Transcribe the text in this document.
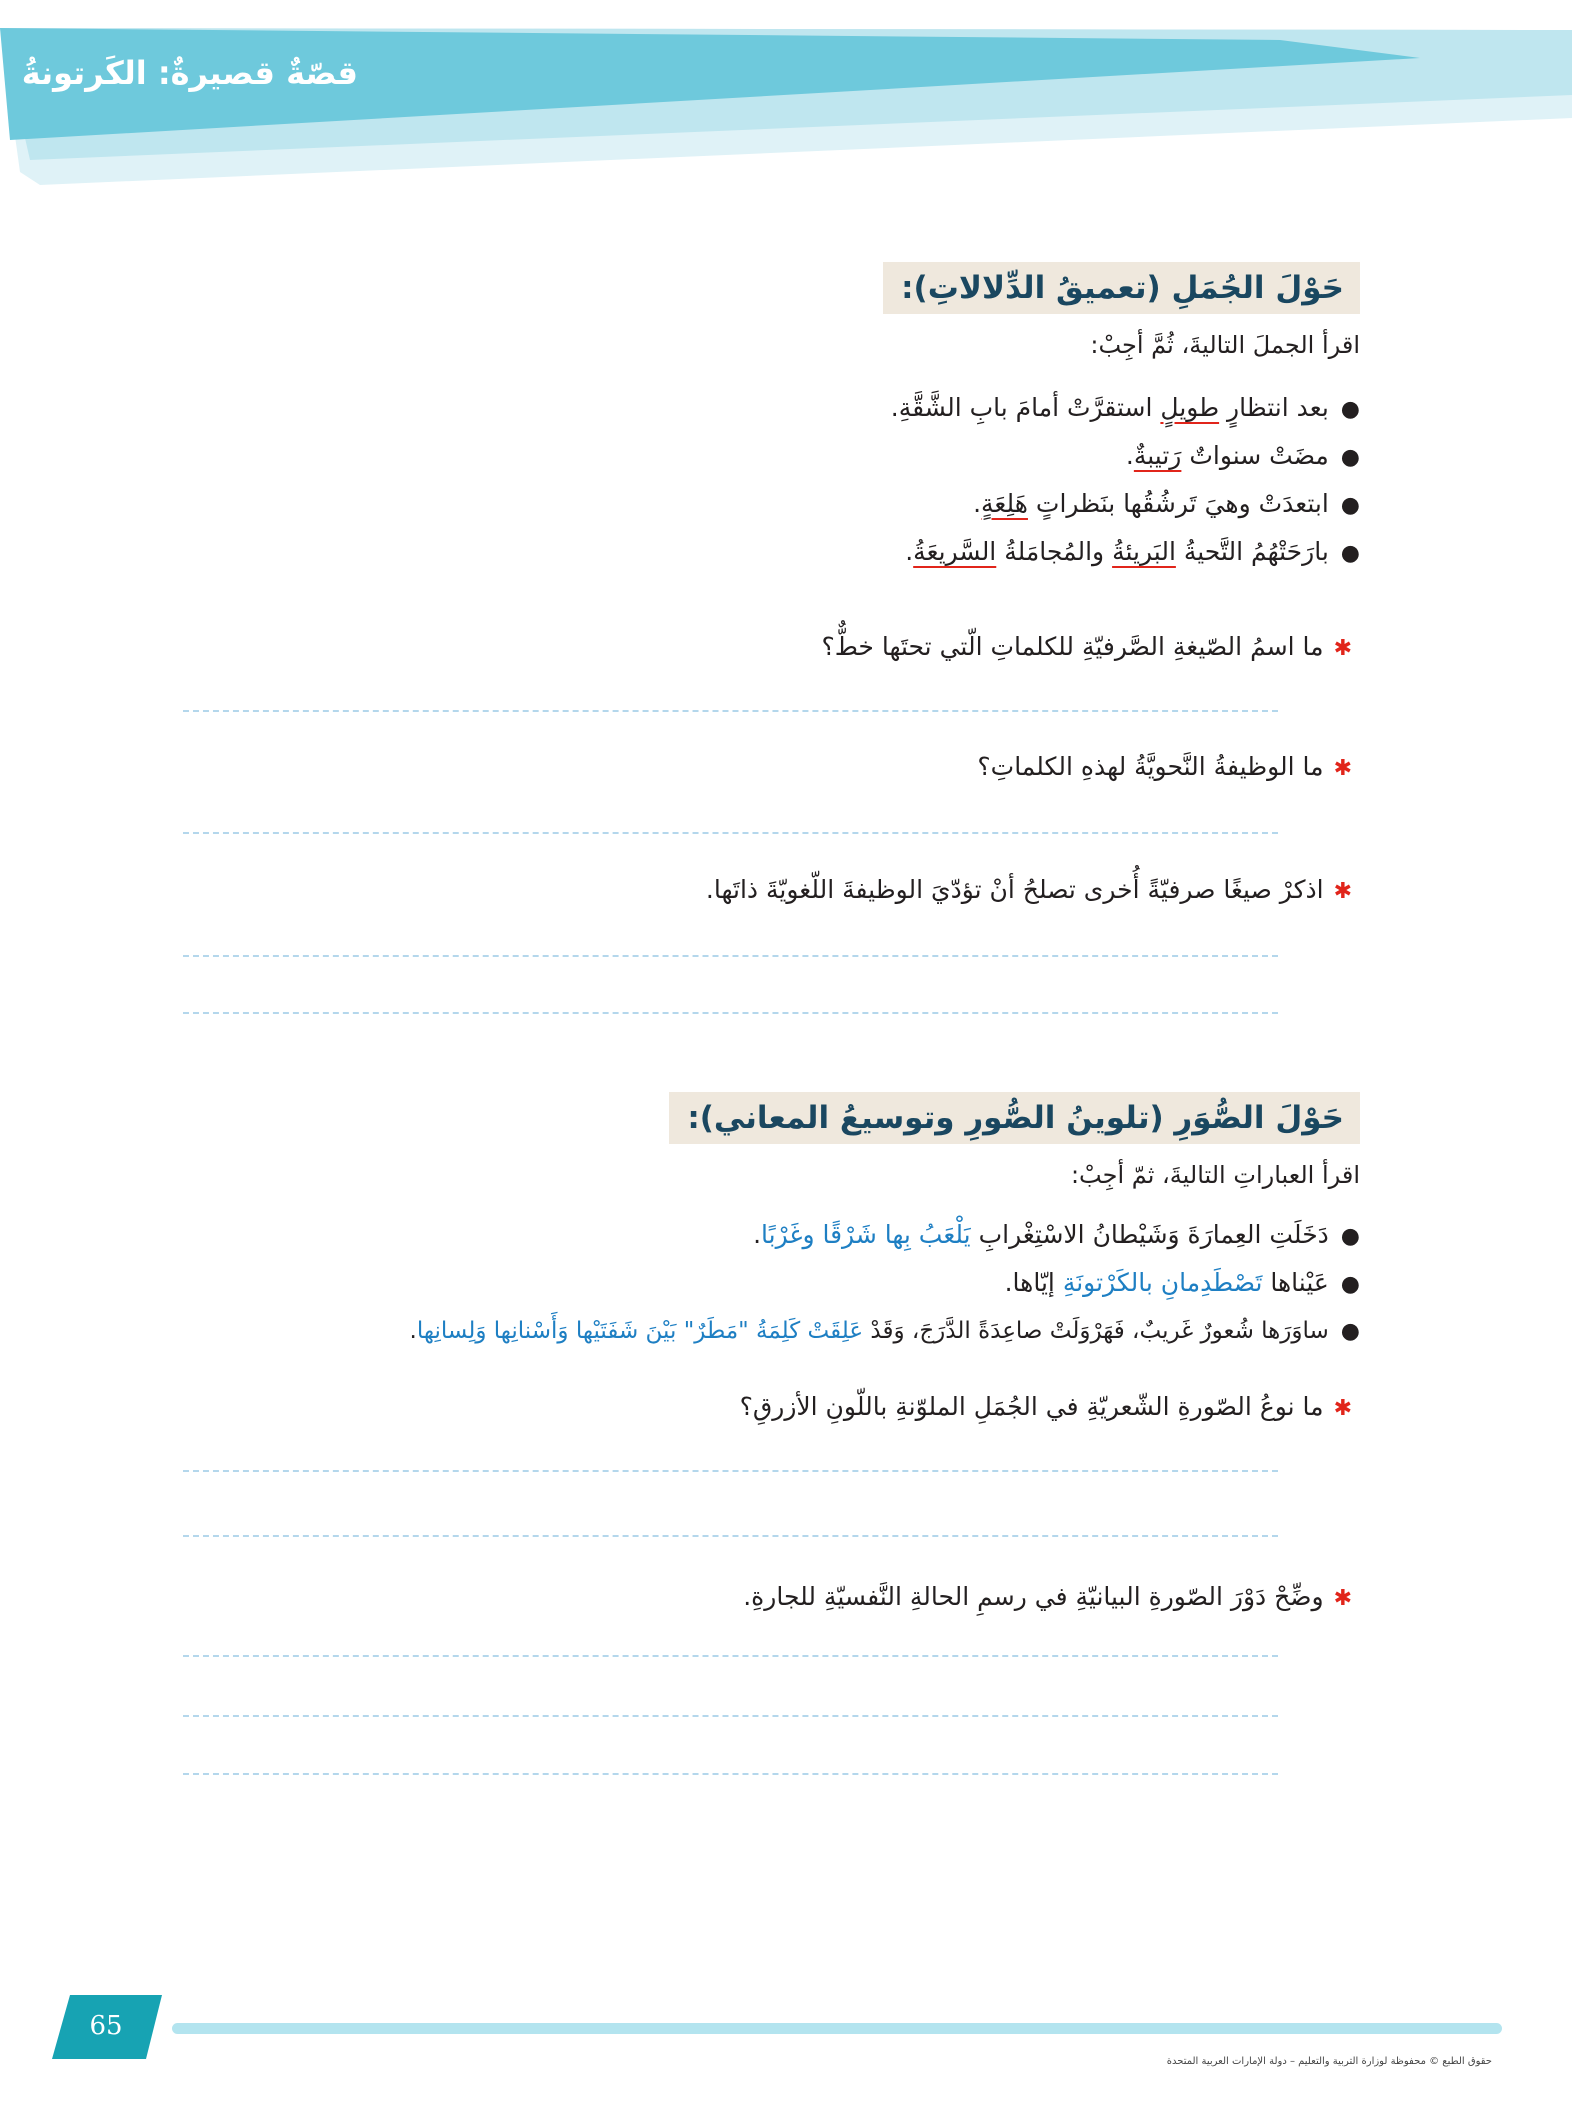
قصّةٌ قصيرةٌ: الكَرتونةُ
حَوْلَ الجُمَلِ (تعميقُ الدِّلالاتِ):
اقرأ الجملَ التاليةَ، ثُمَّ أجِبْ:
●بعد انتظارٍ طويلٍ استقرَّتْ أمامَ بابِ الشَّقَّةِ.
●مضَتْ سنواتٌ رَتيبةٌ.
●ابتعدَتْ وهيَ تَرشُقُها بنَظراتٍ هَلِعَةٍ.
●بارَحَتْهُمُ التَّحيةُ البَريئةُ والمُجامَلةُ السَّريعَةُ.
✱ما اسمُ الصّيغةِ الصَّرفيّةِ للكلماتِ الّتي تحتَها خطٌّ؟
✱ما الوظيفةُ النَّحويَّةُ لهذهِ الكلماتِ؟
✱اذكرْ صيغًا صرفيّةً أُخرى تصلحُ أنْ تؤدّيَ الوظيفةَ اللّغويّةَ ذاتَها.
حَوْلَ الصُّوَرِ (تلوينُ الصُّورِ وتوسيعُ المعاني):
اقرأ العباراتِ التاليةَ، ثمّ أجِبْ:
●دَخَلَتِ العِمارَةَ وَشَيْطانُ الاسْتِغْرابِ يَلْعَبُ بِها شَرْقًا وغَرْبًا.
●عَيْناها تَصْطَدِمانِ بالكَرْتونَةِ إيّاها.
●ساوَرَها شُعورٌ غَريبٌ، فَهَرْوَلَتْ صاعِدَةً الدَّرَجَ، وَقَدْ عَلِقَتْ كَلِمَةُ "مَطَرٌ" بَيْنَ شَفَتَيْها وَأَسْنانِها وَلِسانِها.
✱ما نوعُ الصّورةِ الشّعريّةِ في الجُمَلِ الملوّنةِ باللّونِ الأزرقِ؟
✱وضِّحْ دَوْرَ الصّورةِ البيانيّةِ في رسمِ الحالةِ النَّفسيّةِ للجارةِ.
65
حقوق الطبع © محفوظة لوزارة التربية والتعليم – دولة الإمارات العربية المتحدة
